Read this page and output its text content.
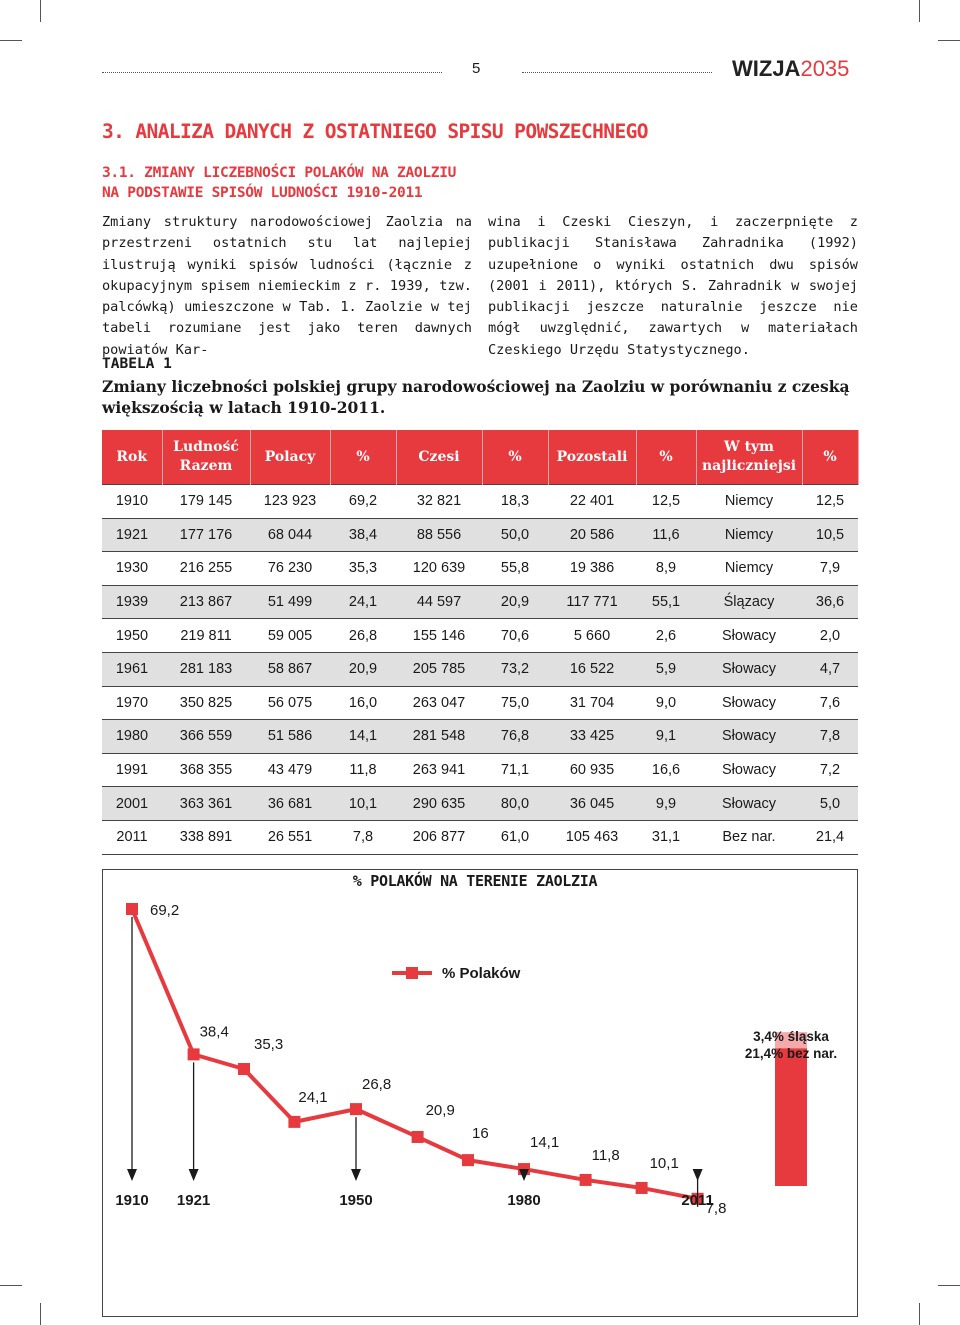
5	WIZJA2035
3. ANALIZA DANYCH Z OSTATNIEGO SPISU POWSZECHNEGO
3.1. ZMIANY LICZEBNOŚCI POLAKÓW NA ZAOLZIU
NA PODSTAWIE SPISÓW LUDNOŚCI 1910-2011
Zmiany struktury narodowościowej Zaolzia na przestrzeni ostatnich stu lat najlepiej ilustrują wyniki spisów ludności (łącznie z okupacyjnym spisem niemieckim z r. 1939, tzw. palcówką) umieszczone w Tab. 1. Zaolzie w tej tabeli rozumiane jest jako teren dawnych powiatów Kar-
wina i Czeski Cieszyn, i zaczerpnięte z publikacji Stanisława Zahradnika (1992) uzupełnione o wyniki ostatnich dwu spisów (2001 i 2011), których S. Zahradnik w swojej publikacji jeszcze naturalnie jeszcze nie mógł uwzględnić, zawartych w materiałach Czeskiego Urzędu Statystycznego.
TABELA 1
Zmiany liczebności polskiej grupy narodowościowej na Zaolziu w porównaniu z czeską większością w latach 1910-2011.
Rok	Ludność Razem	Polacy	%	Czesi	%	Pozostali	%	W tym najliczniejsi	%
1910	179 145	123 923	69,2	32 821	18,3	22 401	12,5	Niemcy	12,5
1921	177 176	68 044	38,4	88 556	50,0	20 586	11,6	Niemcy	10,5
1930	216 255	76 230	35,3	120 639	55,8	19 386	8,9	Niemcy	7,9
1939	213 867	51 499	24,1	44 597	20,9	117 771	55,1	Ślązacy	36,6
1950	219 811	59 005	26,8	155 146	70,6	5 660	2,6	Słowacy	2,0
1961	281 183	58 867	20,9	205 785	73,2	16 522	5,9	Słowacy	4,7
1970	350 825	56 075	16,0	263 047	75,0	31 704	9,0	Słowacy	7,6
1980	366 559	51 586	14,1	281 548	76,8	33 425	9,1	Słowacy	7,8
1991	368 355	43 479	11,8	263 941	71,1	60 935	16,6	Słowacy	7,2
2001	363 361	36 681	10,1	290 635	80,0	36 045	9,9	Słowacy	5,0
2011	338 891	26 551	7,8	206 877	61,0	105 463	31,1	Bez nar.	21,4
69,2
38,4
35,3
24,1
26,8
20,9
16
14,1
11,8 10,1
7,8
1910 1921	1950	1980	2011
% Polaków
3,4% śląska
21,4% bez nar.
% POLAKÓW NA TERENIE ZAOLZIA
